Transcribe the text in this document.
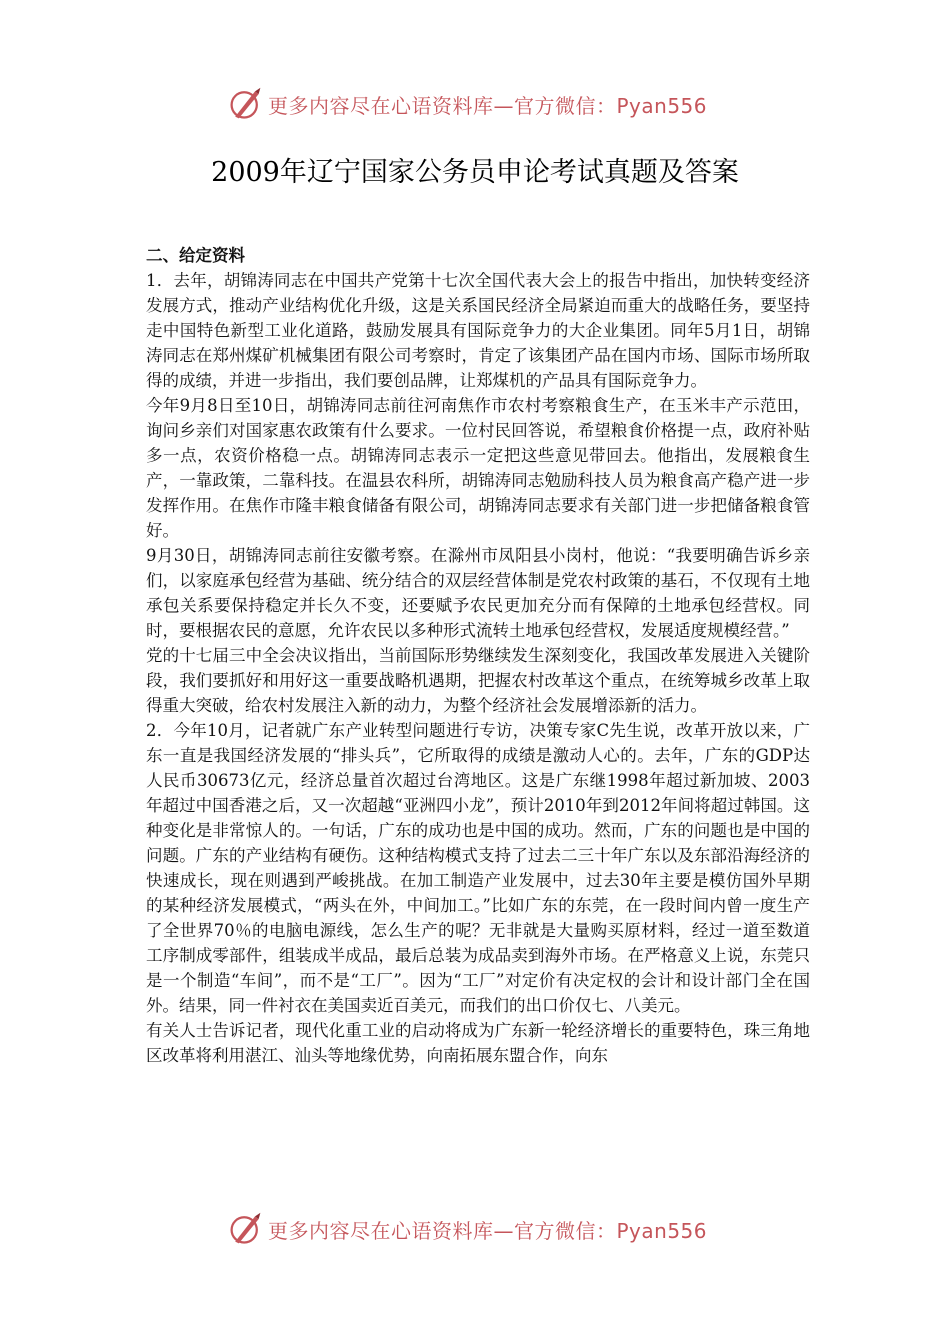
更多内容尽在心语资料库—官方微信：Pyan556
2009年辽宁国家公务员申论考试真题及答案

二、给定资料

1．去年，胡锦涛同志在中国共产党第十七次全国代表大会上的报告中指出，加快转变经济发展方式，推动产业结构优化升级，这是关系国民经济全局紧迫而重大的战略任务，要坚持走中国特色新型工业化道路，鼓励发展具有国际竞争力的大企业集团。同年5月1日，胡锦涛同志在郑州煤矿机械集团有限公司考察时，肯定了该集团产品在国内市场、国际市场所取得的成绩，并进一步指出，我们要创品牌，让郑煤机的产品具有国际竞争力。

今年9月8日至10日，胡锦涛同志前往河南焦作市农村考察粮食生产，在玉米丰产示范田，询问乡亲们对国家惠农政策有什么要求。一位村民回答说，希望粮食价格提一点，政府补贴多一点，农资价格稳一点。胡锦涛同志表示一定把这些意见带回去。他指出，发展粮食生产，一靠政策，二靠科技。在温县农科所，胡锦涛同志勉励科技人员为粮食高产稳产进一步发挥作用。在焦作市隆丰粮食储备有限公司，胡锦涛同志要求有关部门进一步把储备粮食管好。

9月30日，胡锦涛同志前往安徽考察。在滁州市凤阳县小岗村，他说：“我要明确告诉乡亲们，以家庭承包经营为基础、统分结合的双层经营体制是党农村政策的基石，不仅现有土地承包关系要保持稳定并长久不变，还要赋予农民更加充分而有保障的土地承包经营权。同时，要根据农民的意愿，允许农民以多种形式流转土地承包经营权，发展适度规模经营。”

党的十七届三中全会决议指出，当前国际形势继续发生深刻变化，我国改革发展进入关键阶段，我们要抓好和用好这一重要战略机遇期，把握农村改革这个重点，在统筹城乡改革上取得重大突破，给农村发展注入新的动力，为整个经济社会发展增添新的活力。

2．今年10月，记者就广东产业转型问题进行专访，决策专家C先生说，改革开放以来，广东一直是我国经济发展的“排头兵”，它所取得的成绩是激动人心的。去年，广东的GDP达人民币30673亿元，经济总量首次超过台湾地区。这是广东继1998年超过新加坡、2003年超过中国香港之后，又一次超越“亚洲四小龙”，预计2010年到2012年间将超过韩国。这种变化是非常惊人的。一句话，广东的成功也是中国的成功。然而，广东的问题也是中国的问题。广东的产业结构有硬伤。这种结构模式支持了过去二三十年广东以及东部沿海经济的快速成长，现在则遇到严峻挑战。在加工制造产业发展中，过去30年主要是模仿国外早期的某种经济发展模式，“两头在外，中间加工。”比如广东的东莞，在一段时间内曾一度生产了全世界70％的电脑电源线，怎么生产的呢？无非就是大量购买原材料，经过一道至数道工序制成零部件，组装成半成品，最后总装为成品卖到海外市场。在严格意义上说，东莞只是一个制造“车间”，而不是“工厂”。因为“工厂”对定价有决定权的会计和设计部门全在国外。结果，同一件衬衣在美国卖近百美元，而我们的出口价仅七、八美元。

有关人士告诉记者，现代化重工业的启动将成为广东新一轮经济增长的重要特色，珠三角地区改革将利用湛江、汕头等地缘优势，向南拓展东盟合作，向东

更多内容尽在心语资料库—官方微信：Pyan556
